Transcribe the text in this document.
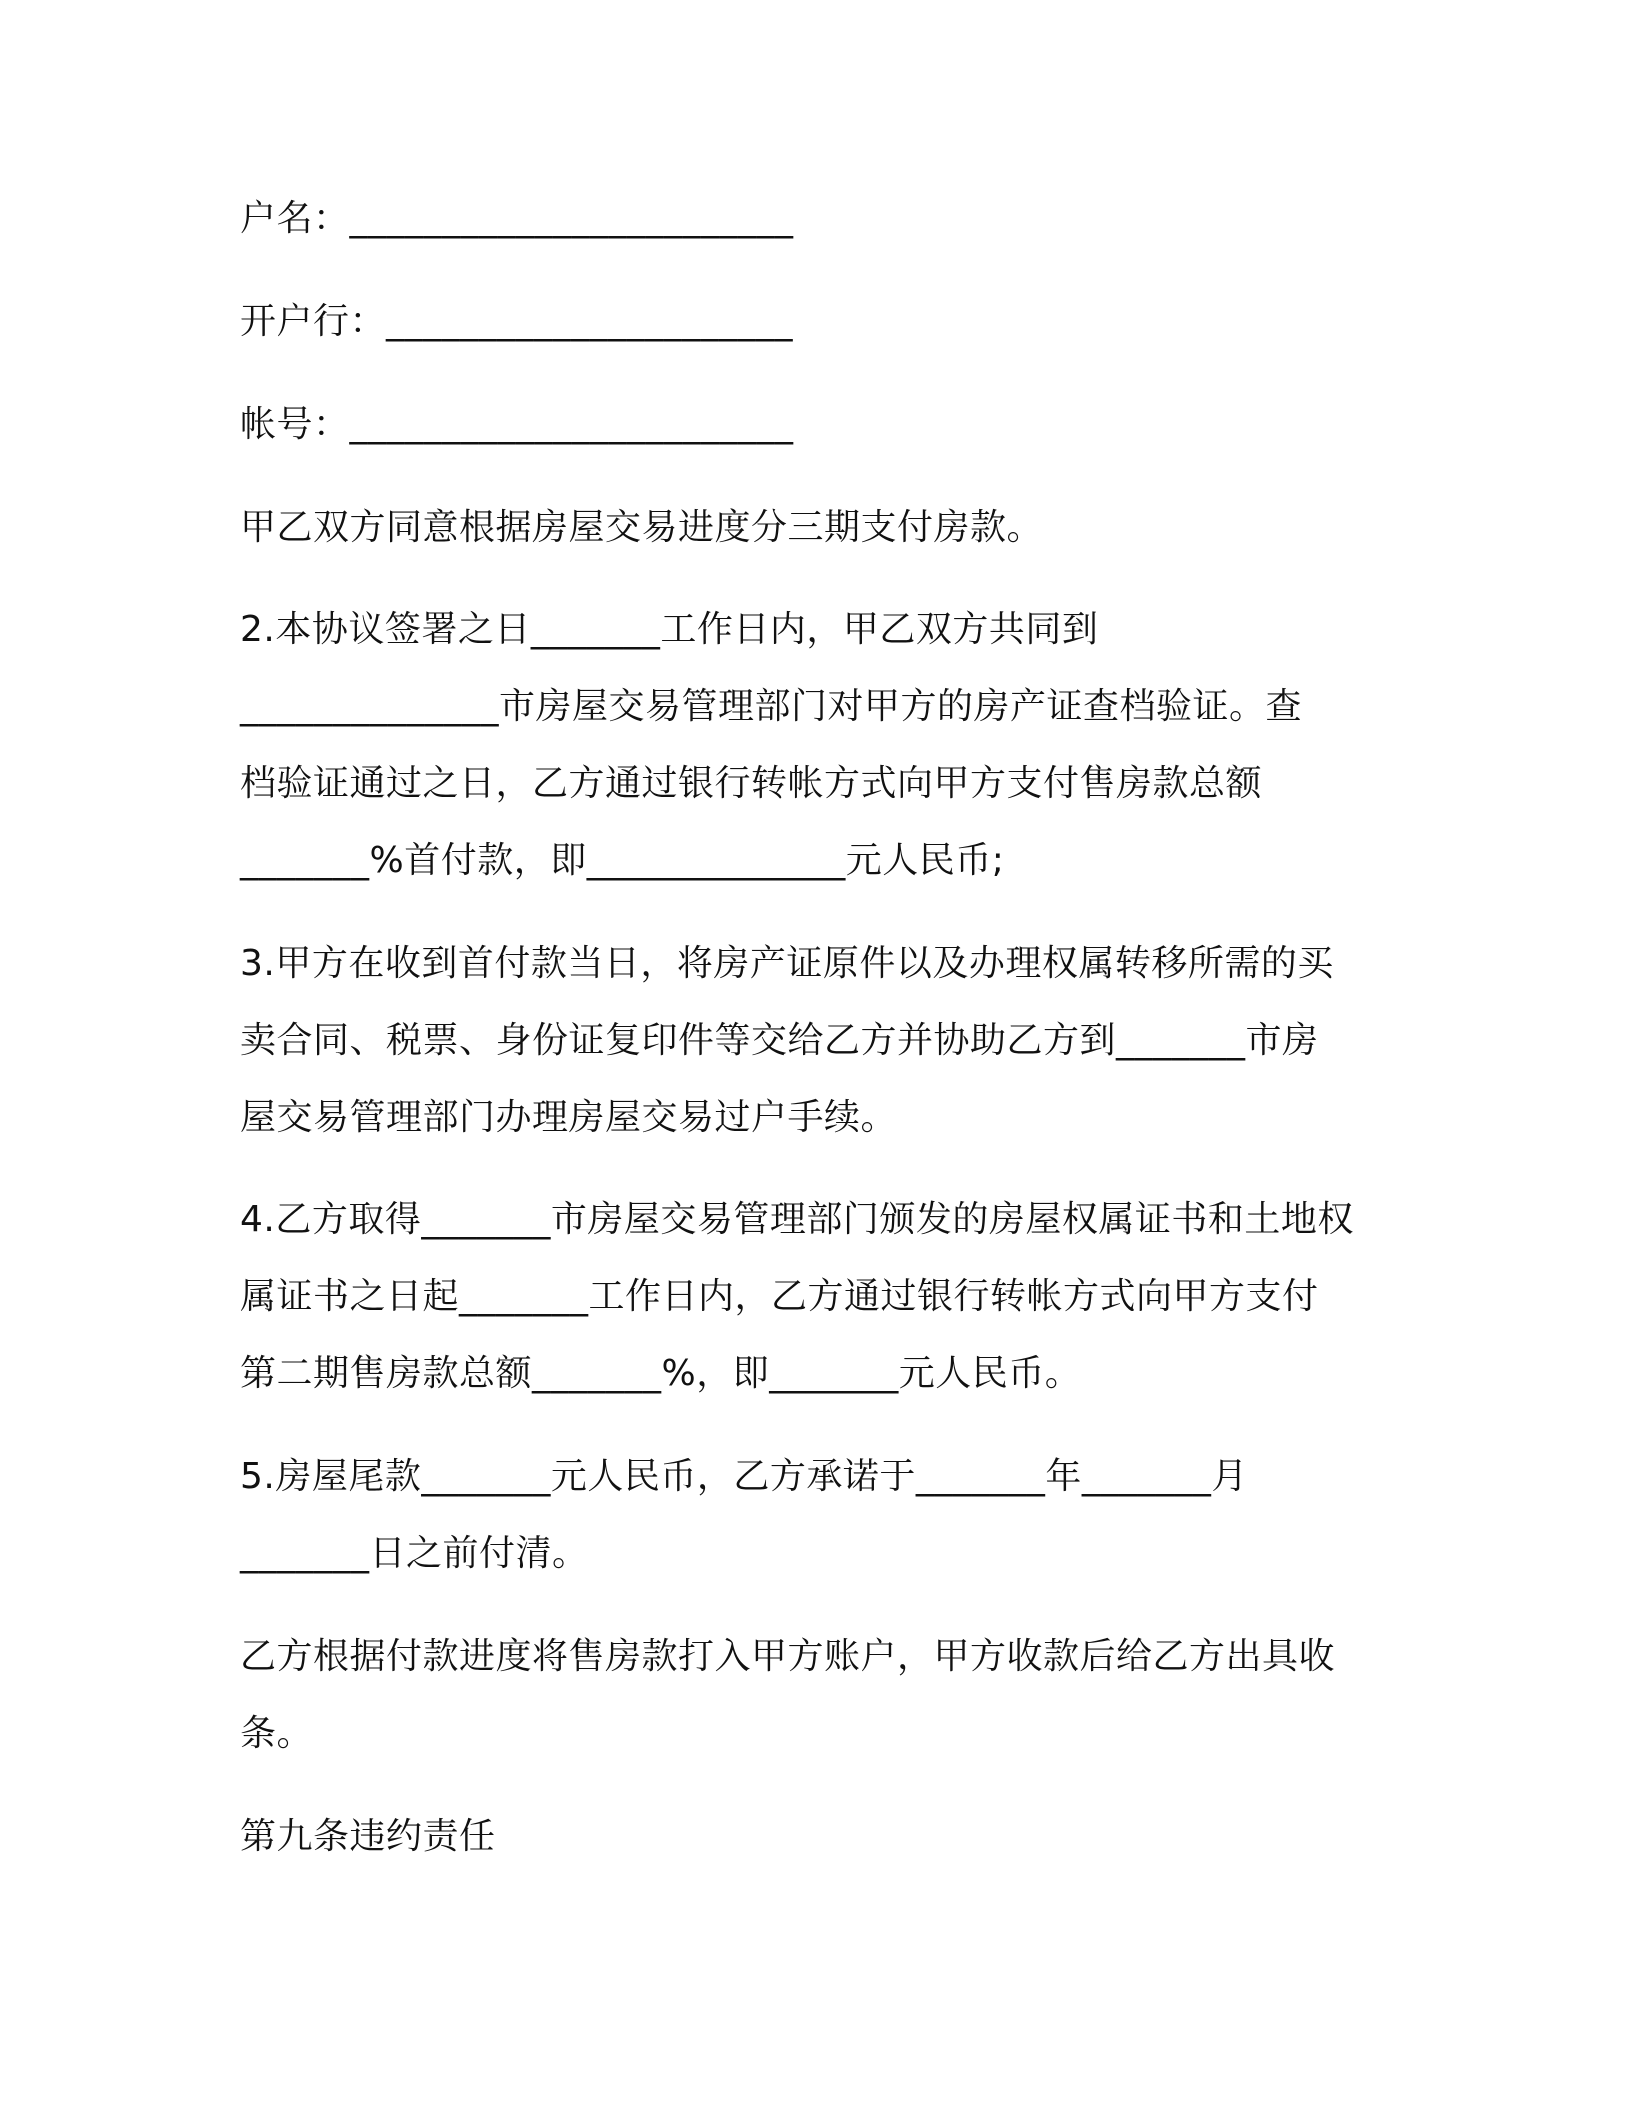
户名：________________________
开户行：______________________
帐号：________________________
甲乙双方同意根据房屋交易进度分三期支付房款。
2.本协议签署之日_______工作日内，甲乙双方共同到
______________市房屋交易管理部门对甲方的房产证查档验证。查
档验证通过之日，乙方通过银行转帐方式向甲方支付售房款总额
_______%首付款，即______________元人民币;
3.甲方在收到首付款当日，将房产证原件以及办理权属转移所需的买
卖合同、税票、身份证复印件等交给乙方并协助乙方到_______市房
屋交易管理部门办理房屋交易过户手续。
4.乙方取得_______市房屋交易管理部门颁发的房屋权属证书和土地权
属证书之日起_______工作日内，乙方通过银行转帐方式向甲方支付
第二期售房款总额_______%，即_______元人民币。
5.房屋尾款_______元人民币，乙方承诺于_______年_______月
_______日之前付清。
乙方根据付款进度将售房款打入甲方账户，甲方收款后给乙方出具收
条。
第九条违约责任
